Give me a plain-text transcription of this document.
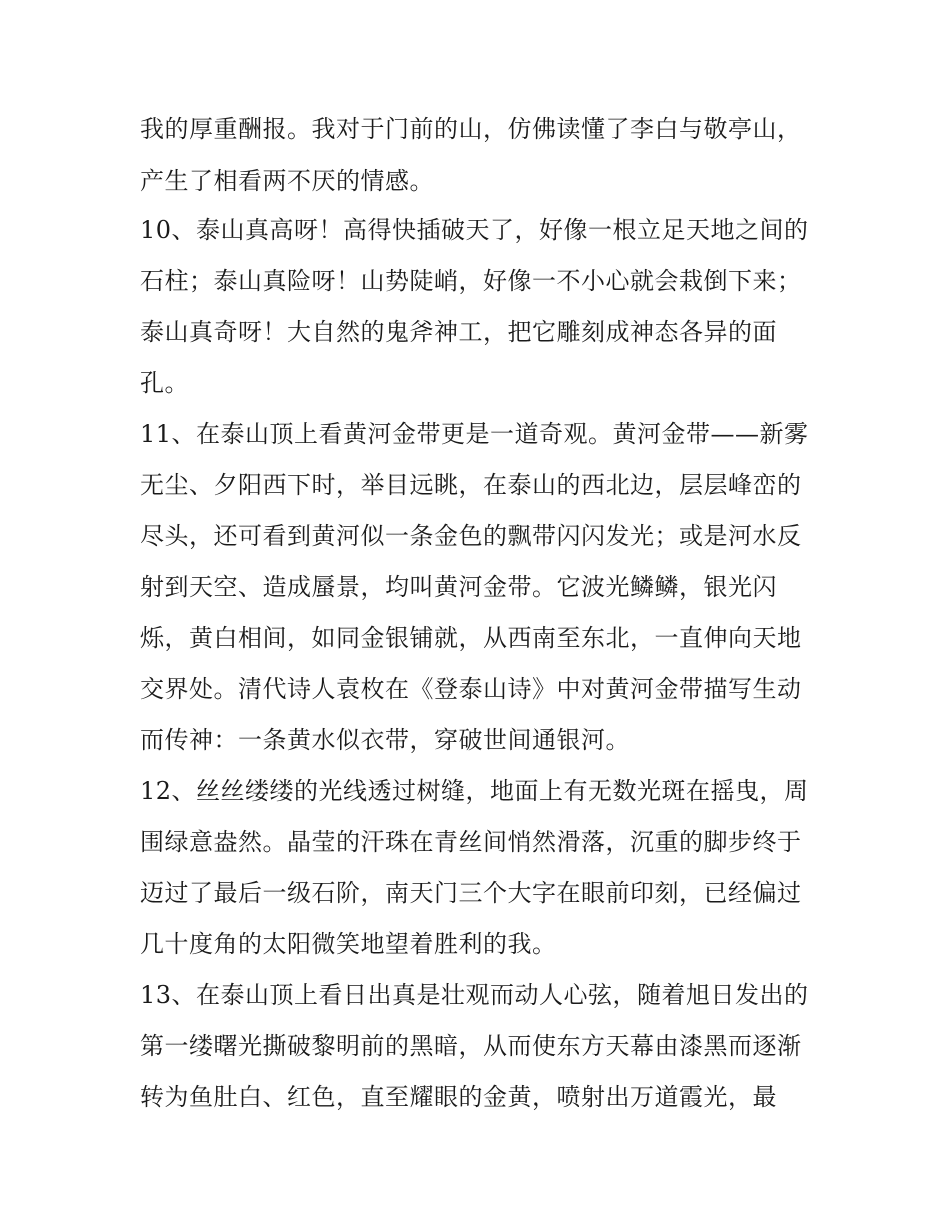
我的厚重酬报。我对于门前的山，仿佛读懂了李白与敬亭山，
产生了相看两不厌的情感。
10、泰山真高呀！高得快插破天了，好像一根立足天地之间的
石柱；泰山真险呀！山势陡峭，好像一不小心就会栽倒下来；
泰山真奇呀！大自然的鬼斧神工，把它雕刻成神态各异的面
孔。
11、在泰山顶上看黄河金带更是一道奇观。黄河金带——新雾
无尘、夕阳西下时，举目远眺，在泰山的西北边，层层峰峦的
尽头，还可看到黄河似一条金色的飘带闪闪发光；或是河水反
射到天空、造成蜃景，均叫黄河金带。它波光鳞鳞，银光闪
烁，黄白相间，如同金银铺就，从西南至东北，一直伸向天地
交界处。清代诗人袁枚在《登泰山诗》中对黄河金带描写生动
而传神：一条黄水似衣带，穿破世间通银河。
12、丝丝缕缕的光线透过树缝，地面上有无数光斑在摇曳，周
围绿意盎然。晶莹的汗珠在青丝间悄然滑落，沉重的脚步终于
迈过了最后一级石阶，南天门三个大字在眼前印刻，已经偏过
几十度角的太阳微笑地望着胜利的我。
13、在泰山顶上看日出真是壮观而动人心弦，随着旭日发出的
第一缕曙光撕破黎明前的黑暗，从而使东方天幕由漆黑而逐渐
转为鱼肚白、红色，直至耀眼的金黄，喷射出万道霞光，最
